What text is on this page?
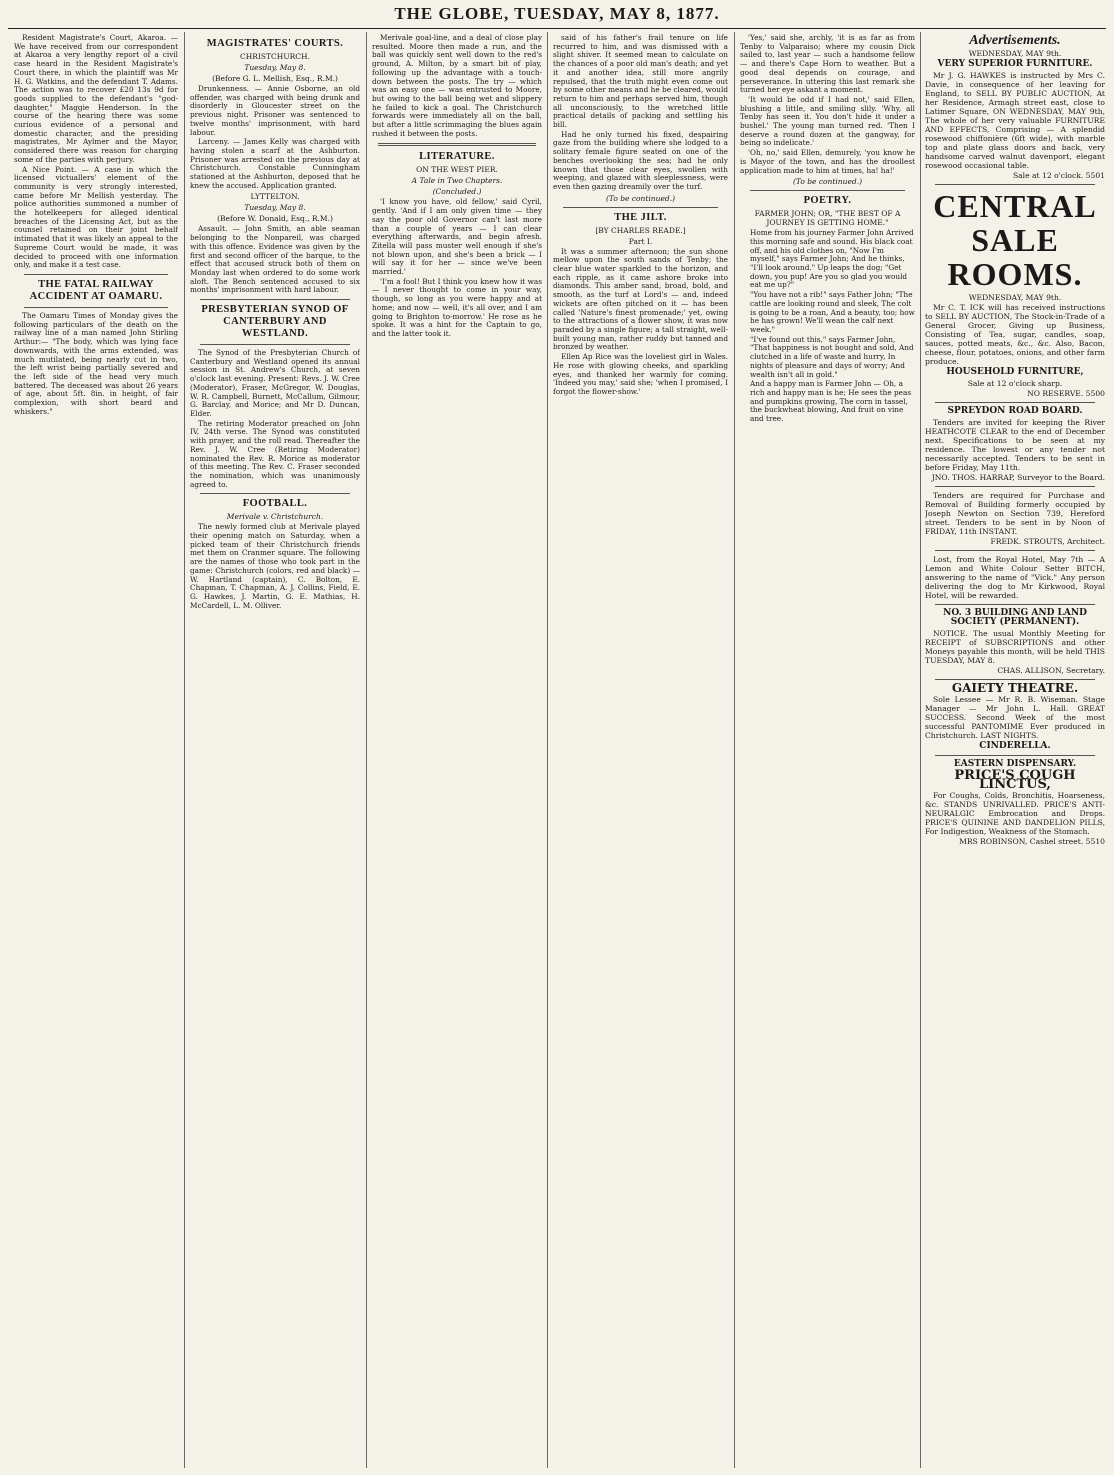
THE GLOBE, TUESDAY, MAY 8, 1877.

Resident Magistrate's Court, Akaroa. — We have received from our correspondent at Akaroa a very lengthy report of a civil case heard in the Resident Magistrate's Court there, in which the plaintiff was Mr H. G. Watkins, and the defendant T. Adams. The action was to recover £20 13s 9d for goods supplied to the defendant's "god-daughter," Maggie Henderson. In the course of the hearing there was some curious evidence of a personal and domestic character, and the presiding magistrates, Mr Aylmer and the Mayor, considered there was reason for charging some of the parties with perjury.

A Nice Point. — A case in which the licensed victuallers' element of the community is very strongly interested, came before Mr Mellish yesterday. The police authorities summoned a number of the hotelkeepers for alleged identical breaches of the Licensing Act, but as the counsel retained on their joint behalf intimated that it was likely an appeal to the Supreme Court would be made, it was decided to proceed with one information only, and make it a test case.

THE FATAL RAILWAY ACCIDENT AT OAMARU.

The Oamaru Times of Monday gives the following particulars of the death on the railway line of a man named John Stirling Arthur:— "The body, which was lying face downwards, with the arms extended, was much mutilated, being nearly cut in two, the left wrist being partially severed and the left side of the head very much battered. The deceased was about 26 years of age, about 5ft. 8in. in height, of fair complexion, with short beard and whiskers."

MAGISTRATES' COURTS.
CHRISTCHURCH.
Tuesday, May 8.
(Before G. L. Mellish, Esq., R.M.)

Drunkenness. — Annie Osborne, an old offender, was charged with being drunk and disorderly in Gloucester street on the previous night. Prisoner was sentenced to twelve months' imprisonment, with hard labour.

Larceny. — James Kelly was charged with having stolen a scarf at the Ashburton. Prisoner was arrested on the previous day at Christchurch. Constable Cunningham stationed at the Ashburton, deposed that he knew the accused. Application granted.

LYTTELTON.
Tuesday, May 8.
(Before W. Donald, Esq., R.M.)

Assault. — John Smith, an able seaman belonging to the Nonpareil, was charged with this offence. Evidence was given by the first and second officer of the barque, to the effect that accused struck both of them on Monday last when ordered to do some work aloft. The Bench sentenced accused to six months' imprisonment with hard labour.

PRESBYTERIAN SYNOD OF CANTERBURY AND WESTLAND.

The Synod of the Presbyterian Church of Canterbury and Westland opened its annual session in St. Andrew's Church, at seven o'clock last evening. Present: Revs. J. W. Cree (Moderator), Fraser, McGregor, W. Douglas, W. R. Campbell, Burnett, McCallum, Gilmour, G. Barclay, and Morice; and Mr D. Duncan, Elder.

The retiring Moderator preached on John IV, 24th verse. The Synod was constituted with prayer, and the roll read. Thereafter the Rev. J. W. Cree (Retiring Moderator) nominated the Rev. R. Morice as moderator of this meeting. The Rev. C. Fraser seconded the nomination, which was unanimously agreed to.

FOOTBALL.
Merivale v. Christchurch.

The newly formed club at Merivale played their opening match on Saturday, when a picked team of their Christchurch friends met them on Cranmer square. The following are the names of those who took part in the game: Christchurch (colors, red and black) — W. Hartland (captain), C. Bolton, E. Chapman, T. Chapman, A. J. Collins, Field, E. G. Hawkes, J. Martin, G. E. Mathias, H. McCardell, L. M. Olliver.

Merivale goal-line, and a deal of close play resulted. Moore then made a run, and the ball was quickly sent well down to the red's ground, A. Milton, by a smart bit of play, following up the advantage with a touch-down between the posts. The try — which was an easy one — was entrusted to Moore, but owing to the ball being wet and slippery he failed to kick a goal. The Christchurch forwards were immediately all on the ball, but after a little scrimmaging the blues again rushed it between the posts.

LITERATURE.
ON THE WEST PIER.
A Tale in Two Chapters.
(Concluded.)

'I know you have, old fellow,' said Cyril, gently. 'And if I am only given time — they say the poor old Governor can't last more than a couple of years — I can clear everything afterwards, and begin afresh. Zitella will pass muster well enough if she's not blown upon, and she's been a brick — I will say it for her — since we've been married.'

'I'm a fool! But I think you knew how it was — I never thought to come in your way, though, so long as you were happy and at home; and now — well, it's all over, and I am going to Brighton to-morrow.' He rose as he spoke. It was a hint for the Captain to go, and the latter took it.

said of his father's frail tenure on life recurred to him, and was dismissed with a slight shiver. It seemed mean to calculate on the chances of a poor old man's death; and yet it and another idea, still more angrily repulsed, that the truth might even come out by some other means and he be cleared, would return to him and perhaps served him, though all unconsciously, to the wretched little practical details of packing and settling his bill.

Had he only turned his fixed, despairing gaze from the building where she lodged to a solitary female figure seated on one of the benches overlooking the sea; had he only known that those clear eyes, swollen with weeping, and glazed with sleeplessness, were even then gazing dreamily over the turf.

(To be continued.)
THE JILT.
[BY CHARLES READE.]
Part I.

It was a summer afternoon; the sun shone mellow upon the south sands of Tenby; the clear blue water sparkled to the horizon, and each ripple, as it came ashore broke into diamonds. This amber sand, broad, bold, and smooth, as the turf at Lord's — and, indeed wickets are often pitched on it — has been called 'Nature's finest promenade;' yet, owing to the attractions of a flower show, it was now paraded by a single figure; a tall straight, well-built young man, rather ruddy but tanned and bronzed by weather.

Ellen Ap Rice was the loveliest girl in Wales. He rose with glowing cheeks, and sparkling eyes, and thanked her warmly for coming. 'Indeed you may,' said she; 'when I promised, I forgot the flower-show.'

'Yes,' said she, archly, 'it is as far as from Tenby to Valparaiso; where my cousin Dick sailed to, last year — such a handsome fellow — and there's Cape Horn to weather. But a good deal depends on courage, and perseverance. In uttering this last remark she turned her eye askant a moment.

'It would be odd if I had not,' said Ellen, blushing a little, and smiling slily. 'Why, all Tenby has seen it. You don't hide it under a bushel.' The young man turned red. 'Then I deserve a round dozen at the gangway, for being so indelicate.'

'Oh, no,' said Ellen, demurely, 'you know he is Mayor of the town, and has the droollest application made to him at times, ha! ha!'

(To be continued.)
POETRY.
FARMER JOHN; OR, "THE BEST OF A JOURNEY IS GETTING HOME."

Home from his journey Farmer John Arrived this morning safe and sound. His black coat off, and his old clothes on, "Now I'm myself," says Farmer John; And he thinks, "I'll look around." Up leaps the dog; "Get down, you pup! Are you so glad you would eat me up?"

"You have not a rib!" says Father John; "The cattle are looking round and sleek, The colt is going to be a roan, And a beauty, too; how he has grown! We'll wean the calf next week."

"I've found out this," says Farmer John, "That happiness is not bought and sold, And clutched in a life of waste and hurry, In nights of pleasure and days of worry; And wealth isn't all in gold."

And a happy man is Farmer John — Oh, a rich and happy man is he; He sees the peas and pumpkins growing, The corn in tassel, the buckwheat blowing, And fruit on vine and tree.

Advertisements.
WEDNESDAY, MAY 9th.
VERY SUPERIOR FURNITURE.

Mr J. G. HAWKES is instructed by Mrs C. Davie, in consequence of her leaving for England, to SELL BY PUBLIC AUCTION, At her Residence, Armagh street east, close to Latimer Square, ON WEDNESDAY, MAY 9th, The whole of her very valuable FURNITURE AND EFFECTS, Comprising — A splendid rosewood chiffonière (6ft wide), with marble top and plate glass doors and back, very handsome carved walnut davenport, elegant rosewood occasional table.

Sale at 12 o'clock. 5501
CENTRAL SALE ROOMS.
WEDNESDAY, MAY 9th.

Mr C. T. ICK will has received instructions to SELL BY AUCTION, The Stock-in-Trade of a General Grocer, Giving up Business, Consisting of Tea, sugar, candles, soap, sauces, potted meats, &c., &c. Also, Bacon, cheese, flour, potatoes, onions, and other farm produce.

HOUSEHOLD FURNITURE,
Sale at 12 o'clock sharp.
NO RESERVE. 5500
SPREYDON ROAD BOARD.

Tenders are invited for keeping the River HEATHCOTE CLEAR to the end of December next. Specifications to be seen at my residence. The lowest or any tender not necessarily accepted. Tenders to be sent in before Friday, May 11th.

JNO. THOS. HARRAP, Surveyor to the Board.

Tenders are required for Purchase and Removal of Building formerly occupied by Joseph Newton on Section 739, Hereford street. Tenders to be sent in by Noon of FRIDAY, 11th INSTANT.

FREDK. STROUTS, Architect.

Lost, from the Royal Hotel, May 7th — A Lemon and White Colour Setter BITCH, answering to the name of "Vick." Any person delivering the dog to Mr Kirkwood, Royal Hotel, will be rewarded.

NO. 3 BUILDING AND LAND SOCIETY (PERMANENT).

NOTICE. The usual Monthly Meeting for RECEIPT of SUBSCRIPTIONS and other Moneys payable this month, will be held THIS TUESDAY, MAY 8.

CHAS. ALLISON, Secretary.
GAIETY THEATRE.

Sole Lessee — Mr R. B. Wiseman. Stage Manager — Mr John L. Hall. GREAT SUCCESS. Second Week of the most successful PANTOMIME Ever produced in Christchurch. LAST NIGHTS.

CINDERELLA.
EASTERN DISPENSARY.
PRICE'S COUGH LINCTUS,

For Coughs, Colds, Bronchitis, Hoarseness, &c. STANDS UNRIVALLED. PRICE'S ANTI-NEURALGIC Embrocation and Drops. PRICE'S QUININE AND DANDELION PILLS, For Indigestion, Weakness of the Stomach.

MRS ROBINSON, Cashel street. 5510
